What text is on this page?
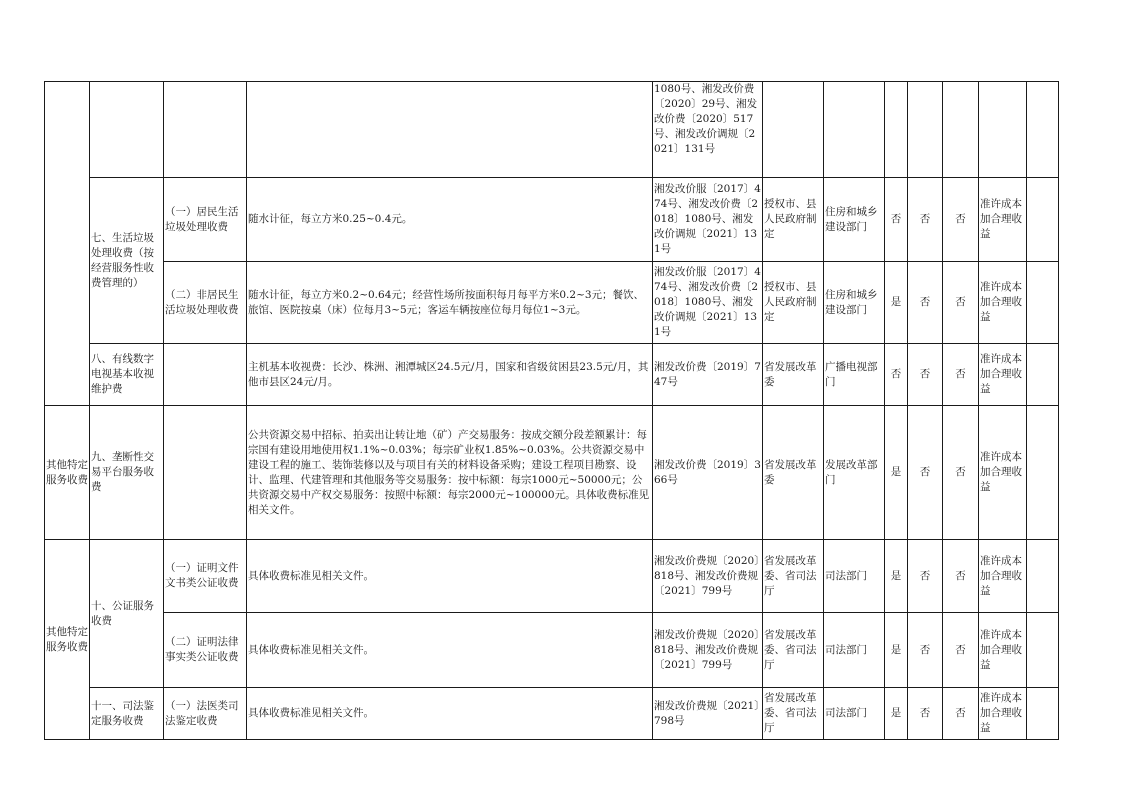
				1080号、湘发改价费〔2020〕29号、湘发改价费〔2020〕517号、湘发改价调规〔2021〕131号							
	七、生活垃圾处理收费（按经营服务性收费管理的）	（一）居民生活垃圾处理收费	随水计征，每立方米0.25~0.4元。	湘发改价服〔2017〕474号、湘发改价费〔2018〕1080号、湘发改价调规〔2021〕131号	授权市、县人民政府制定	住房和城乡建设部门	否	否	否	准许成本加合理收益	
		（二）非居民生活垃圾处理收费	随水计征，每立方米0.2~0.64元；经营性场所按面积每月每平方米0.2~3元；餐饮、旅馆、医院按桌（床）位每月3~5元；客运车辆按座位每月每位1~3元。	湘发改价服〔2017〕474号、湘发改价费〔2018〕1080号、湘发改价调规〔2021〕131号	授权市、县人民政府制定	住房和城乡建设部门	是	否	否	准许成本加合理收益	
	八、有线数字电视基本收视维护费		主机基本收视费：长沙、株洲、湘潭城区24.5元/月，国家和省级贫困县23.5元/月，其他市县区24元/月。	湘发改价费〔2019〕747号	省发展改革委	广播电视部门	否	否	否	准许成本加合理收益	
其他特定服务收费	九、垄断性交易平台服务收费		公共资源交易中招标、拍卖出让转让地（矿）产交易服务：按成交额分段差额累计：每宗国有建设用地使用权1.1%~0.03%；每宗矿业权1.85%~0.03%。公共资源交易中建设工程的施工、装饰装修以及与项目有关的材料设备采购；建设工程项目勘察、设计、监理、代建管理和其他服务等交易服务：按中标额：每宗1000元~50000元；公共资源交易中产权交易服务：按照中标额：每宗2000元~100000元。具体收费标准见相关文件。	湘发改价费〔2019〕366号	省发展改革委	发展改革部门	是	否	否	准许成本加合理收益	
其他特定服务收费	十、公证服务收费	（一）证明文件文书类公证收费	具体收费标准见相关文件。	湘发改价费规〔2020〕818号、湘发改价费规〔2021〕799号	省发展改革委、省司法厅	司法部门	是	否	否	准许成本加合理收益	
		（二）证明法律事实类公证收费	具体收费标准见相关文件。	湘发改价费规〔2020〕818号、湘发改价费规〔2021〕799号	省发展改革委、省司法厅	司法部门	是	否	否	准许成本加合理收益	
	十一、司法鉴定服务收费	（一）法医类司法鉴定收费	具体收费标准见相关文件。	湘发改价费规〔2021〕798号	省发展改革委、省司法厅	司法部门	是	否	否	准许成本加合理收益	
